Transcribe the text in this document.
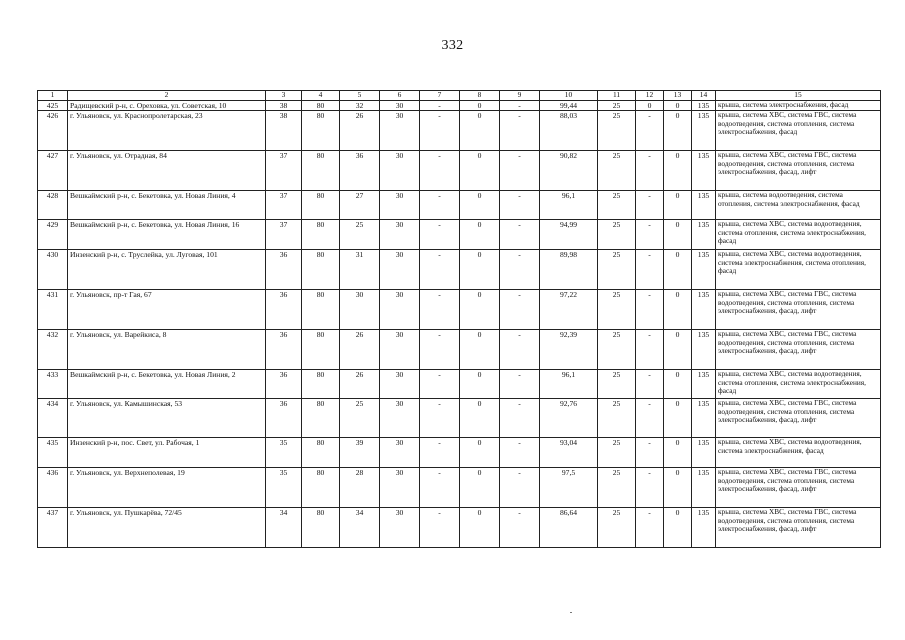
332
1	2	3	4	5	6	7	8	9	10	11	12	13	14	15
425	Радищевский р-н, с. Ореховка, ул. Советская, 10	38	80	32	30	-	0	-	99,44	25	0	0	135	крыша, система электроснабжения, фасад
426	г. Ульяновск, ул. Краснопролетарская, 23	38	80	26	30	-	0	-	88,03	25	-	0	135	крыша, система ХВС, система ГВС, система водоотведения, система отопления, система электроснабжения, фасад
427	г. Ульяновск, ул. Отрадная, 84	37	80	36	30	-	0	-	90,82	25	-	0	135	крыша, система ХВС, система ГВС, система водоотведения, система отопления, система электроснабжения, фасад, лифт
428	Вешкаймский р-н, с. Бекетовка, ул. Новая Линия, 4	37	80	27	30	-	0	-	96,1	25	-	0	135	крыша, система водоотведения, система отопления, система электроснабжения, фасад
429	Вешкаймский р-н, с. Бекетовка, ул. Новая Линия, 16	37	80	25	30	-	0	-	94,99	25	-	0	135	крыша, система ХВС, система водоотведения, система отопления, система электроснабжения, фасад
430	Инзенский р-н, с. Труслейка, ул. Луговая, 101	36	80	31	30	-	0	-	89,98	25	-	0	135	крыша, система ХВС, система водоотведения, система электроснабжения, система отопления, фасад
431	г. Ульяновск, пр-т Гая, 67	36	80	30	30	-	0	-	97,22	25	-	0	135	крыша, система ХВС, система ГВС, система водоотведения, система отопления, система электроснабжения, фасад, лифт
432	г. Ульяновск, ул. Варейкиса, 8	36	80	26	30	-	0	-	92,39	25	-	0	135	крыша, система ХВС, система ГВС, система водоотведения, система отопления, система электроснабжения, фасад, лифт
433	Вешкаймский р-н, с. Бекетовка, ул. Новая Линия, 2	36	80	26	30	-	0	-	96,1	25	-	0	135	крыша, система ХВС, система водоотведения, система отопления, система электроснабжения, фасад
434	г. Ульяновск, ул. Камышинская, 53	36	80	25	30	-	0	-	92,76	25	-	0	135	крыша, система ХВС, система ГВС, система водоотведения, система отопления, система электроснабжения, фасад, лифт
435	Инзенский р-н, пос. Свет, ул. Рабочая, 1	35	80	39	30	-	0	-	93,04	25	-	0	135	крыша, система ХВС, система водоотведения, система электроснабжения, фасад
436	г. Ульяновск, ул. Верхнеполевая, 19	35	80	28	30	-	0	-	97,5	25	-	0	135	крыша, система ХВС, система ГВС, система водоотведения, система отопления, система электроснабжения, фасад, лифт
437	г. Ульяновск, ул. Пушкарёва, 72/45	34	80	34	30	-	0	-	86,64	25	-	0	135	крыша, система ХВС, система ГВС, система водоотведения, система отопления, система электроснабжения, фасад, лифт
